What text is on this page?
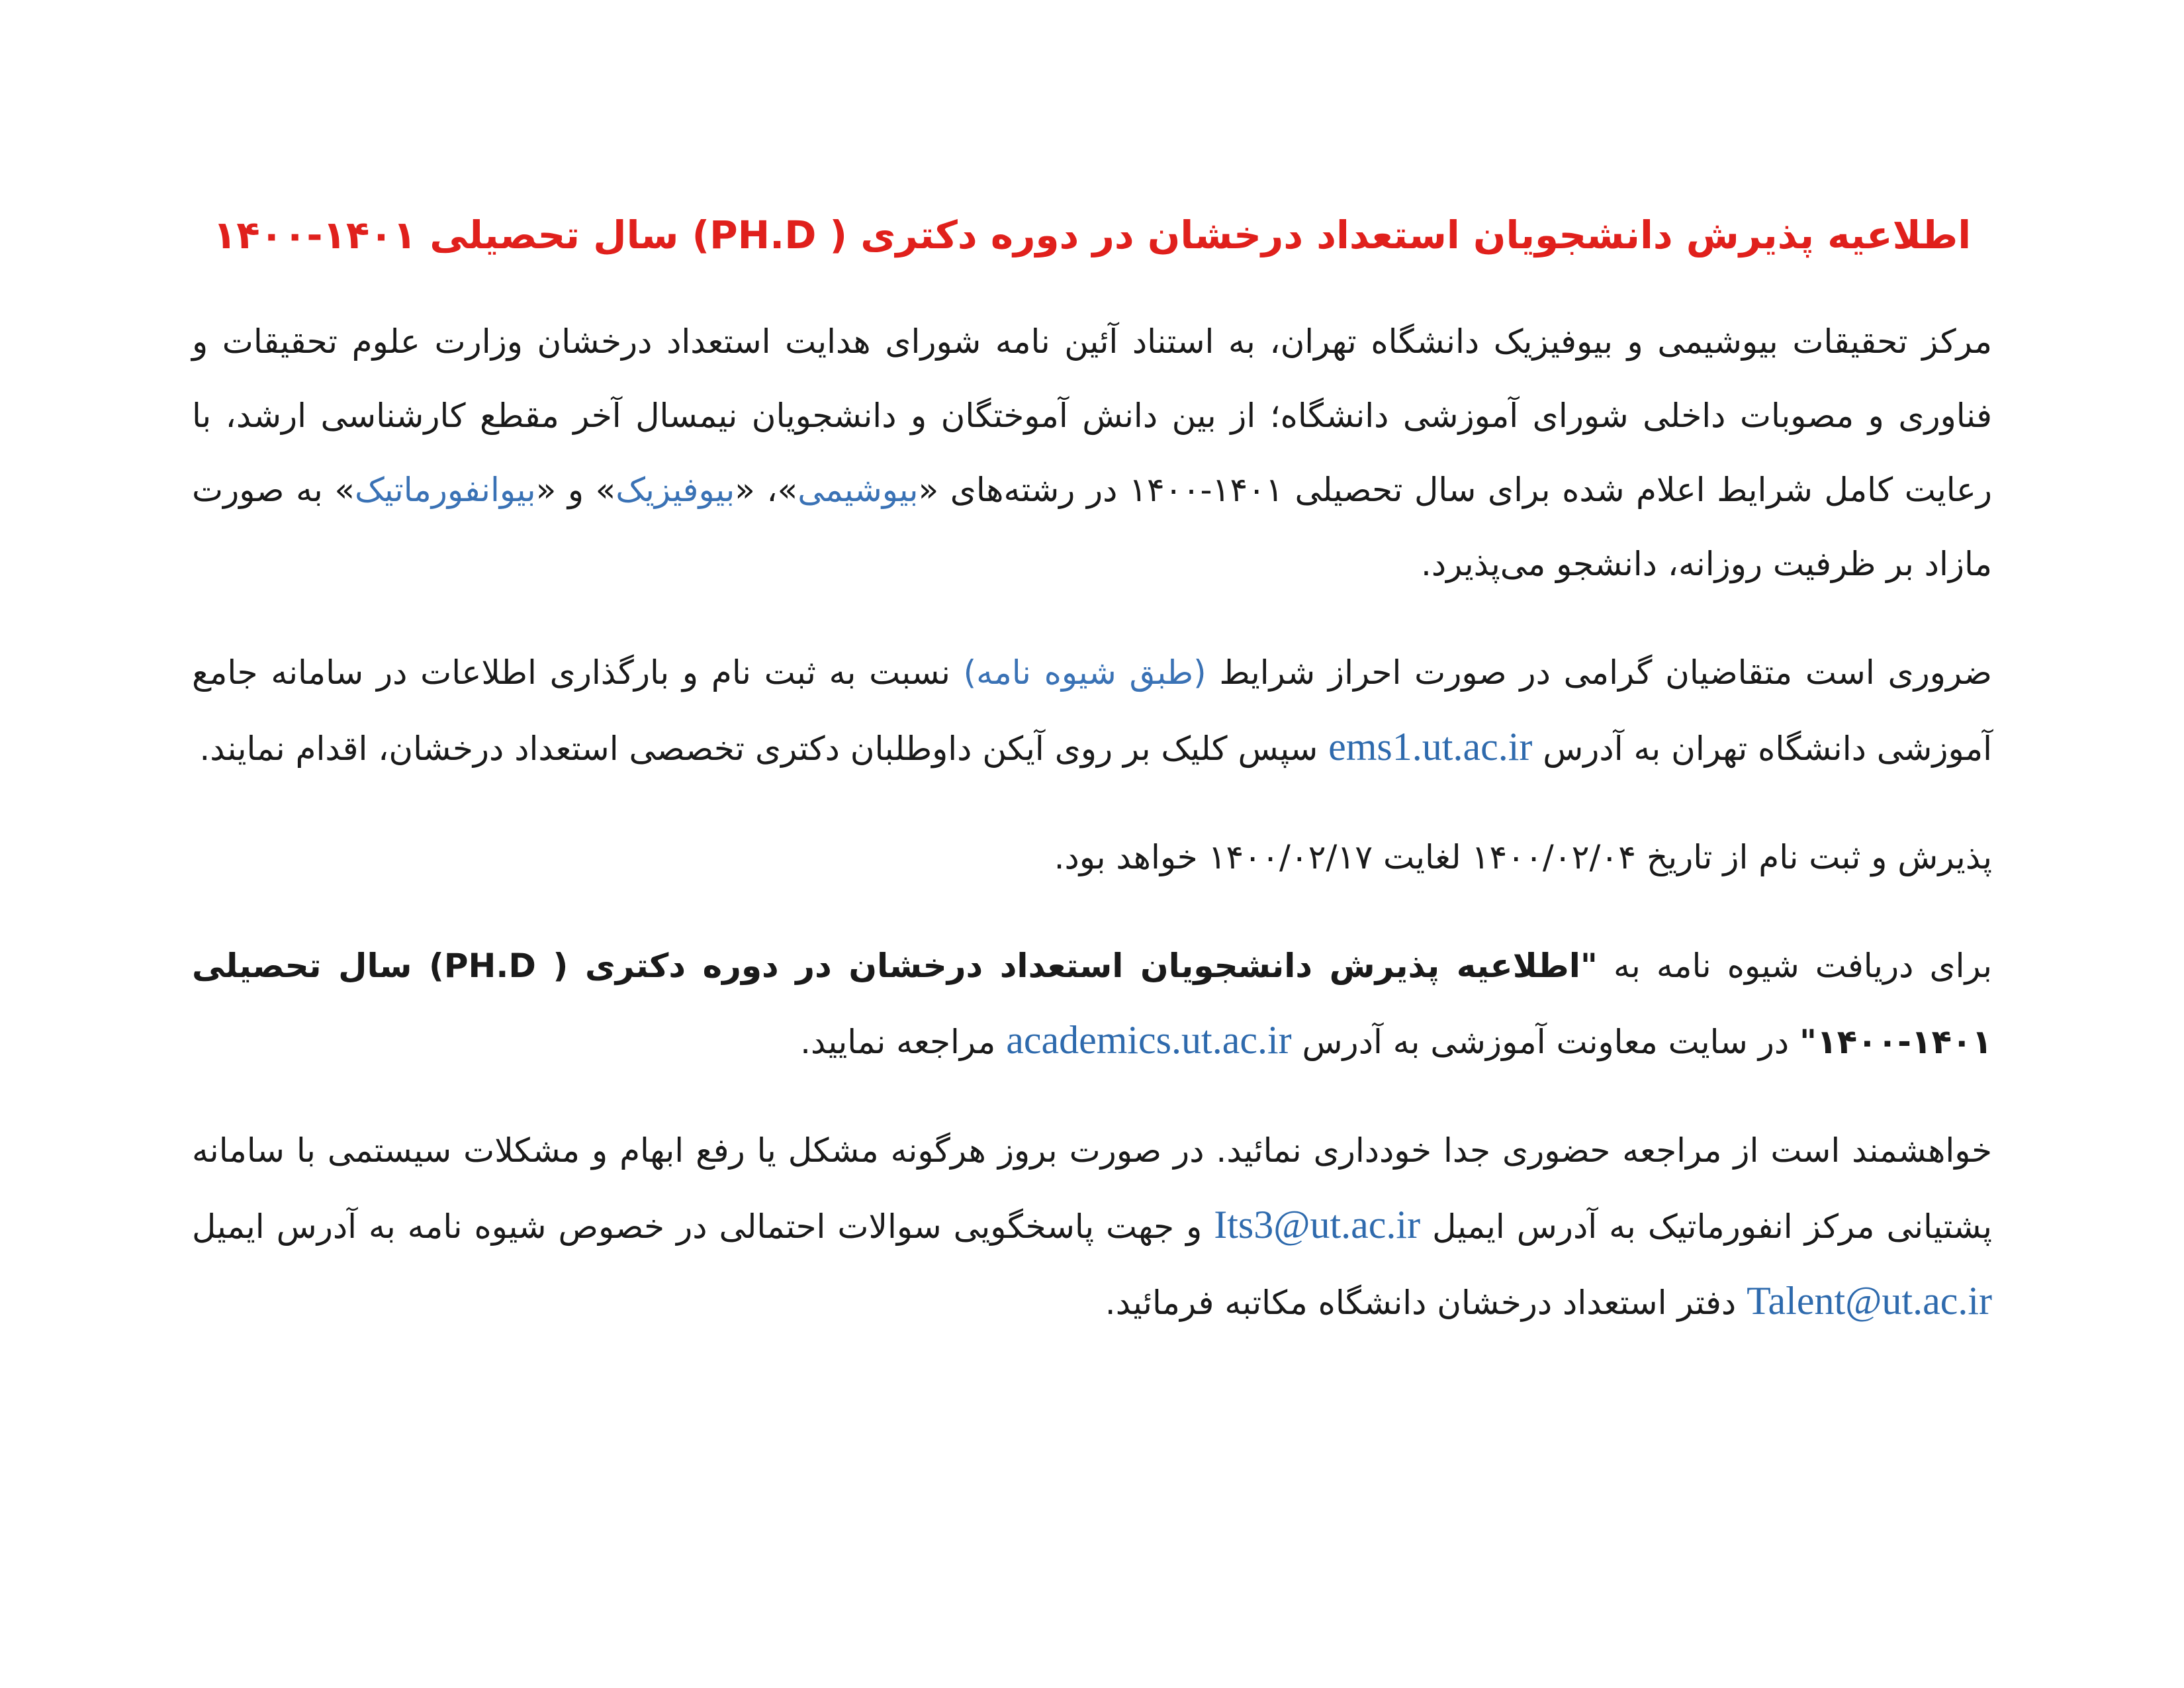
اطلاعیه پذیرش دانشجویان استعداد درخشان در دوره دکتری ( PH.D) سال تحصیلی ۱۴۰۱-۱۴۰۰

مرکز تحقیقات بیوشیمی و بیوفیزیک دانشگاه تهران، به استناد آئین نامه شورای هدایت استعداد درخشان وزارت علوم تحقیقات و فناوری و مصوبات داخلی شورای آموزشی دانشگاه؛ از بین دانش آموختگان و دانشجویان نیمسال آخر مقطع کارشناسی ارشد، با رعایت کامل شرایط اعلام شده برای سال تحصیلی ۱۴۰۱-۱۴۰۰ در رشته‌های «بیوشیمی»، «بیوفیزیک» و «بیوانفورماتیک» به صورت مازاد بر ظرفیت روزانه، دانشجو می‌پذیرد.

ضروری است متقاضیان گرامی در صورت احراز شرایط (طبق شیوه نامه) نسبت به ثبت نام و بارگذاری اطلاعات در سامانه جامع آموزشی دانشگاه تهران به آدرس ems1.ut.ac.ir سپس کلیک بر روی آیکن داوطلبان دکتری تخصصی استعداد درخشان، اقدام نمایند.

پذیرش و ثبت نام از تاریخ ۱۴۰۰/۰۲/۰۴ لغایت ۱۴۰۰/۰۲/۱۷ خواهد بود.

برای دریافت شیوه نامه به "اطلاعیه پذیرش دانشجویان استعداد درخشان در دوره دکتری ( PH.D) سال تحصیلی ۱۴۰۱-۱۴۰۰" در سایت معاونت آموزشی به آدرس academics.ut.ac.ir مراجعه نمایید.

خواهشمند است از مراجعه حضوری جدا خودداری نمائید. در صورت بروز هرگونه مشکل یا رفع ابهام و مشکلات سیستمی با سامانه پشتیانی مرکز انفورماتیک به آدرس ایمیل Its3@ut.ac.ir و جهت پاسخگویی سوالات احتمالی در خصوص شیوه نامه به آدرس ایمیل Talent@ut.ac.ir دفتر استعداد درخشان دانشگاه مکاتبه فرمائید.
